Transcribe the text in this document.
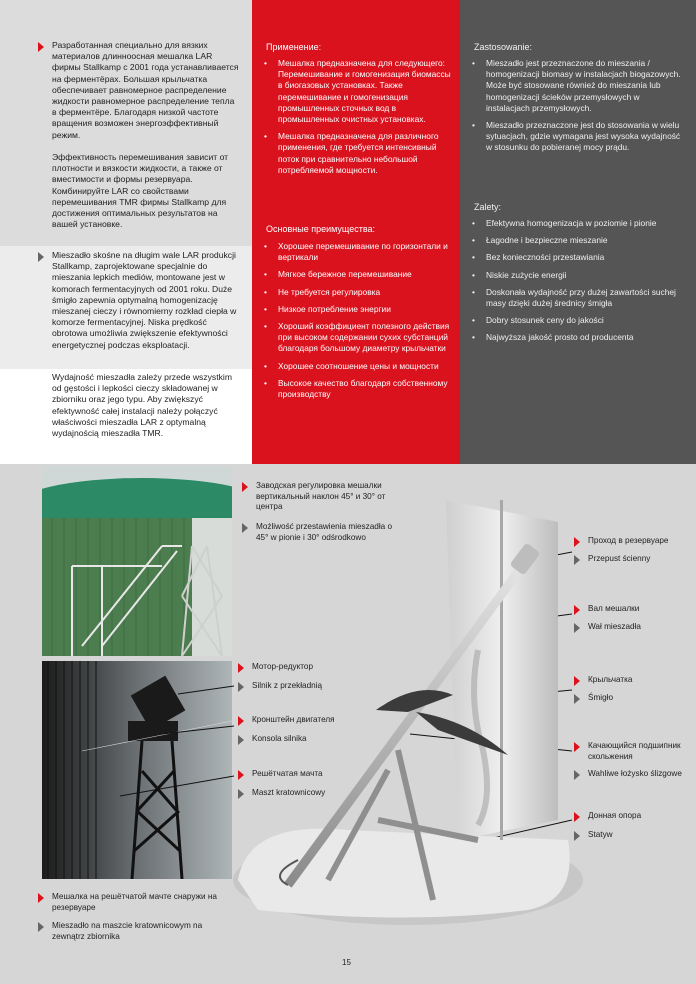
Разработанная специально для вязких материалов длинноосная мешалка LAR фирмы Stallkamp с 2001 года устанавливается на ферментёрах. Большая крыльчатка обеспечивает равномерное распределение жидкости равномерное распределение тепла в ферментёре. Благодаря низкой частоте вращения возможен энергоэффективный режим.

Эффективность перемешивания зависит от плотности и вязкости жидкости, а также от вместимости и формы резервуара. Комбинируйте LAR со свойствами перемешивания TMR фирмы Stallkamp для достижения оптимальных результатов на вашей установке.

Mieszadło skośne na długim wale LAR produkcji Stallkamp, zaprojektowane specjalnie do mieszania lepkich mediów, montowane jest w komorach fermentacyjnych od 2001 roku. Duże śmigło zapewnia optymalną homogenizację mieszanej cieczy i równomierny rozkład ciepła w komorze fermentacyjnej. Niska prędkość obrotowa umożliwia zwiększenie efektywności energetycznej podczas eksploatacji.

Wydajność mieszadła zależy przede wszystkim od gęstości i lepkości cieczy składowanej w zbiorniku oraz jego typu. Aby zwiększyć efektywność całej instalacji należy połączyć właściwości mieszadła LAR z optymalną wydajnością mieszadła TMR.

Применение:

• Мешалка предназначена для следующего: Перемешивание и гомогенизация биомассы в биогазовых установках. Также перемешивание и гомогенизация промышленных сточных вод в промышленных очистных установках.
• Мешалка предназначена для различного применения, где требуется интенсивный поток при сравнительно небольшой потребляемой мощности.

Основные преимущества:

• Хорошее перемешивание по горизонтали и вертикали
• Мягкое бережное перемешивание
• Не требуется регулировка
• Низкое потребление энергии
• Хороший коэффициент полезного действия при высоком содержании сухих субстанций благодаря большому диаметру крыльчатки
• Хорошее соотношение цены и мощности
• Высокое качество благодаря собственному производству

Zastosowanie:

• Mieszadło jest przeznaczone do mieszania / homogenizacji biomasy w instalacjach biogazowych. Może być stosowane również do mieszania lub homogenizacji ścieków przemysłowych w instalacjach przemysłowych.
• Mieszadło przeznaczone jest do stosowania w wielu sytuacjach, gdzie wymagana jest wysoka wydajność w stosunku do pobieranej mocy prądu.

Zalety:

• Efektywna homogenizacja w poziomie i pionie
• Łagodne i bezpieczne mieszanie
• Bez konieczności przestawiania
• Niskie zużycie energii
• Doskonała wydajność przy dużej zawartości suchej masy dzięki dużej średnicy śmigła
• Dobry stosunek ceny do jakości
• Najwyższa jakość prosto od producenta

Заводская регулировка мешалки вертикальный наклон 45° и 30° от центра

Możliwość przestawienia mieszadła o 45° w pionie i 30° odśrodkowo

Мотор-редуктор

Silnik z przekładnią

Кронштейн двигателя

Konsola silnika

Решётчатая мачта

Maszt kratownicowy

Мешалка на решётчатой мачте снаружи на резервуаре

Mieszadło na maszcie kratownicowym na zewnątrz zbiornika

Проход в резервуаре

Przepust ścienny

Вал мешалки

Wał mieszadła

Крыльчатка

Śmigło

Качающийся подшипник скольжения

Wahliwe łożysko ślizgowe

Донная опора

Statyw

15
